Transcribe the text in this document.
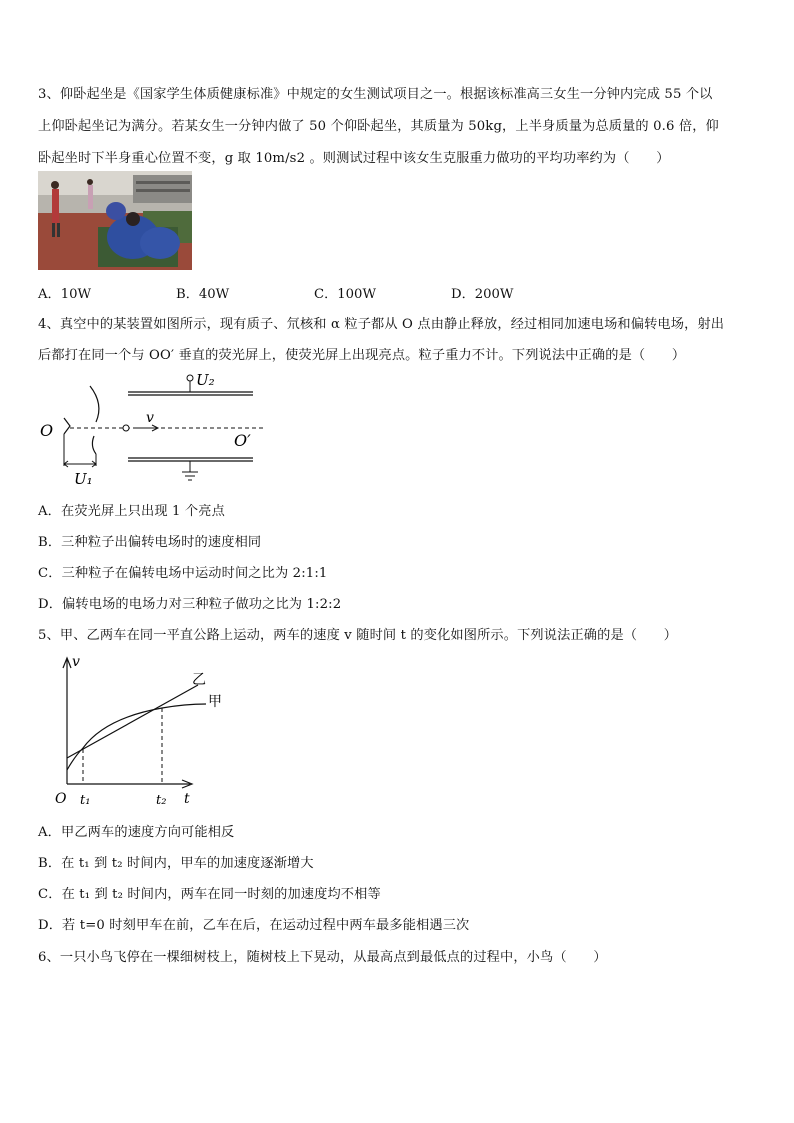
3、仰卧起坐是《国家学生体质健康标准》中规定的女生测试项目之一。根据该标准高三女生一分钟内完成 55 个以
上仰卧起坐记为满分。若某女生一分钟内做了 50 个仰卧起坐，其质量为 50kg，上半身质量为总质量的 0.6 倍，仰
卧起坐时下半身重心位置不变，g 取 10m/s2 。则测试过程中该女生克服重力做功的平均功率约为（　　）
A．10W	B．40W	C．100W	D．200W
4、真空中的某装置如图所示，现有质子、氘核和 α 粒子都从 O 点由静止释放，经过相同加速电场和偏转电场，射出
后都打在同一个与 OO′ 垂直的荧光屏上，使荧光屏上出现亮点。粒子重力不计。下列说法中正确的是（　　）
U₂
O
U₁
v
O′
A．在荧光屏上只出现 1 个亮点
B．三种粒子出偏转电场时的速度相同
C．三种粒子在偏转电场中运动时间之比为 2:1:1
D．偏转电场的电场力对三种粒子做功之比为 1:2:2
5、甲、乙两车在同一平直公路上运动，两车的速度 v 随时间 t 的变化如图所示。下列说法正确的是（　　）
v
t
O t₁	t₂
乙
甲
A．甲乙两车的速度方向可能相反
B．在 t₁ 到 t₂ 时间内，甲车的加速度逐渐增大
C．在 t₁ 到 t₂ 时间内，两车在同一时刻的加速度均不相等
D．若 t=0 时刻甲车在前，乙车在后，在运动过程中两车最多能相遇三次
6、一只小鸟飞停在一棵细树枝上，随树枝上下晃动，从最高点到最低点的过程中，小鸟（　　）
